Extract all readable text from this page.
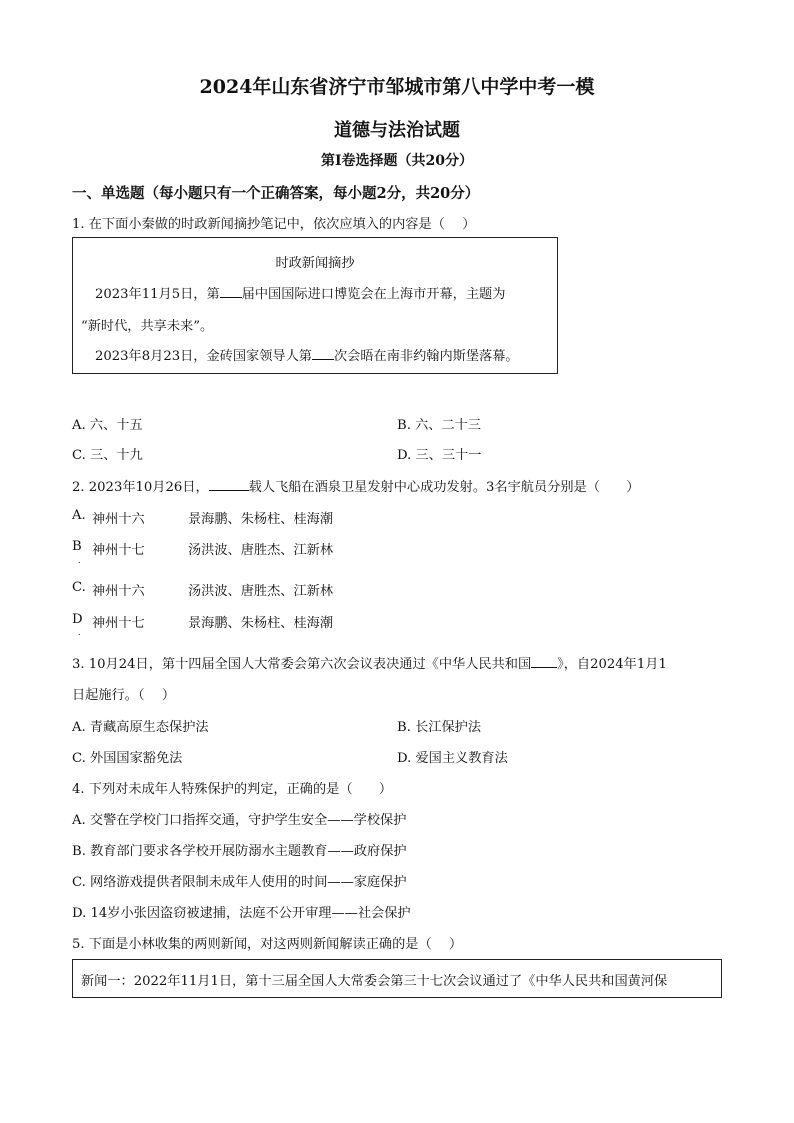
2024年山东省济宁市邹城市第八中学中考一模
道德与法治试题
第I卷选择题（共20分）
一、单选题（每小题只有一个正确答案，每小题2分，共20分）
1. 在下面小秦做的时政新闻摘抄笔记中，依次应填入的内容是（　 ）
时政新闻摘抄
2023年11月5日，第 届中国国际进口博览会在上海市开幕，主题为
“新时代，共享未来”。
2023年8月23日，金砖国家领导人第 次会晤在南非约翰内斯堡落幕。
A. 六、十五	B. 六、二十三
C. 三、十九	D. 三、三十一
2. 2023年10月26日，	载人飞船在酒泉卫星发射中心成功发射。3名宇航员分别是（　　）
A. 神州十六	景海鹏、朱杨柱、桂海潮
B 神州十七	汤洪波、唐胜杰、江新林
.
C. 神州十六	汤洪波、唐胜杰、江新林
D 神州十七	景海鹏、朱杨柱、桂海潮
.
3. 10月24日，第十四届全国人大常委会第六次会议表决通过《中华人民共和国 》，自2024年1月1
日起施行。（　 ）
A. 青藏高原生态保护法	B. 长江保护法
C. 外国国家豁免法	D. 爱国主义教育法
4. 下列对未成年人特殊保护的判定，正确的是（　　）
A. 交警在学校门口指挥交通，守护学生安全——学校保护
B. 教育部门要求各学校开展防溺水主题教育——政府保护
C. 网络游戏提供者限制未成年人使用的时间——家庭保护
D. 14岁小张因盗窃被逮捕，法庭不公开审理——社会保护
5. 下面是小林收集的两则新闻，对这两则新闻解读正确的是（　 ）
新闻一：2022年11月1日，第十三届全国人大常委会第三十七次会议通过了《中华人民共和国黄河保
